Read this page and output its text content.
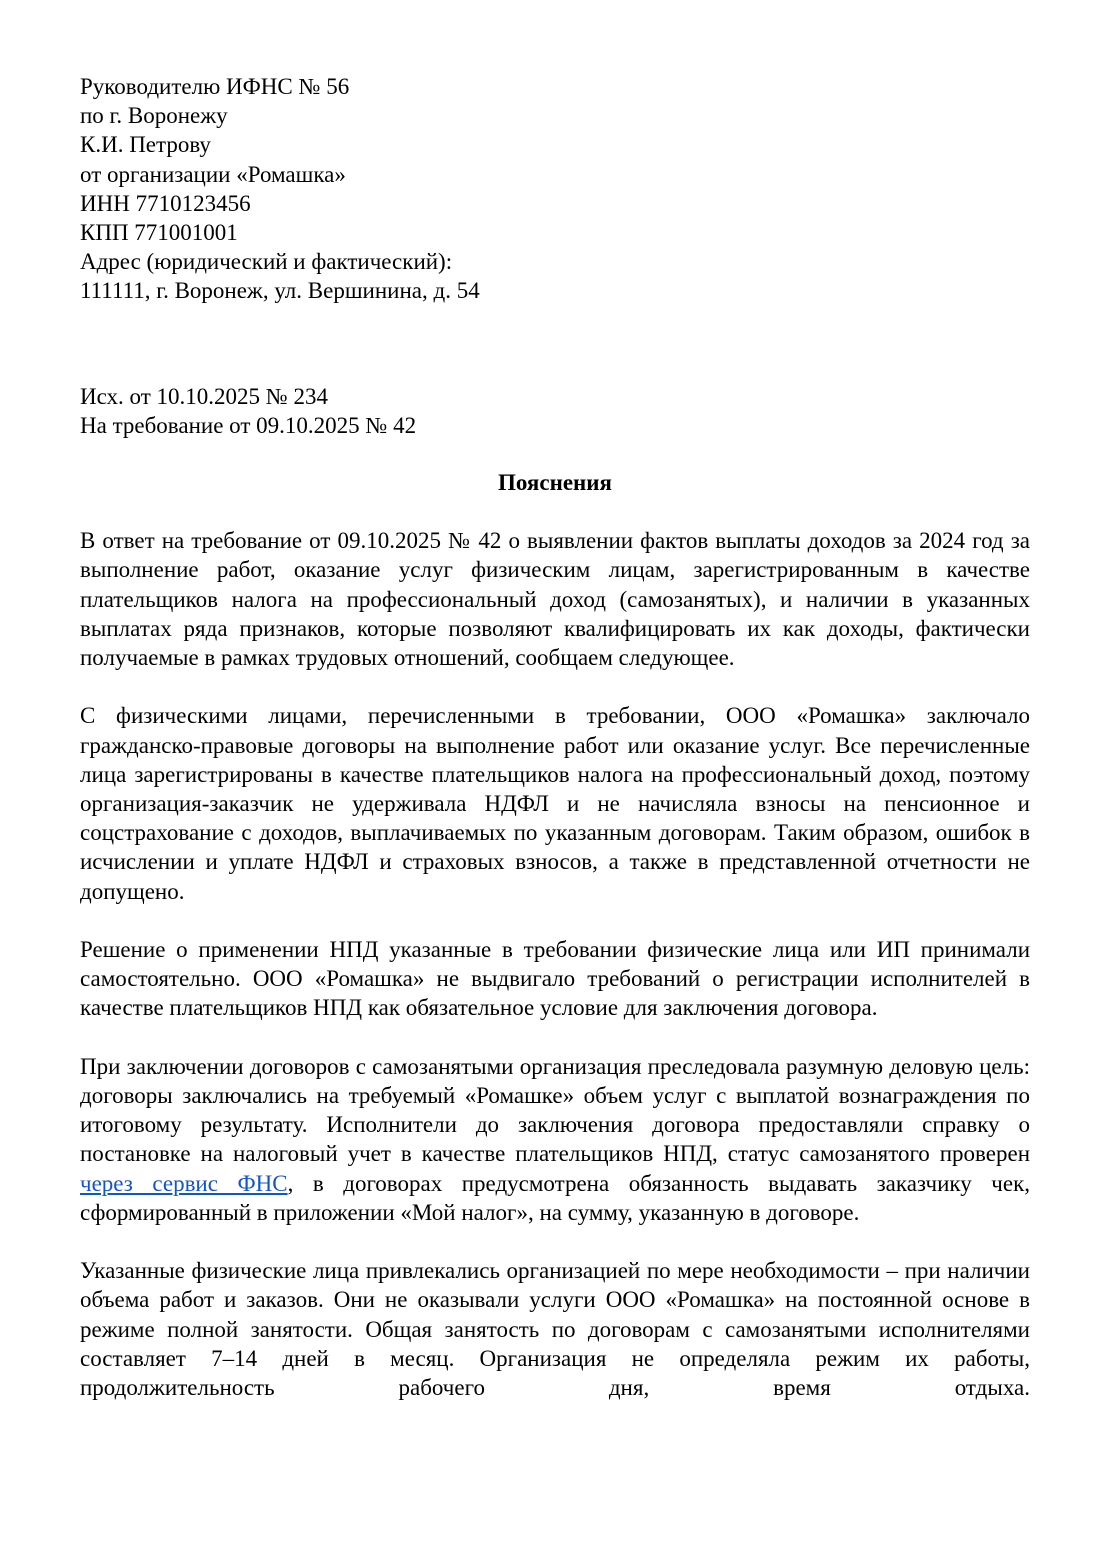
Руководителю ИФНС № 56
по г. Воронежу
К.И. Петрову
от организации «Ромашка»
ИНН 7710123456
КПП 771001001
Адрес (юридический и фактический):
111111, г. Воронеж, ул. Вершинина, д. 54
Исх. от 10.10.2025 № 234
На требование от 09.10.2025 № 42
Пояснения

В ответ на требование от 09.10.2025 № 42 о выявлении фактов выплаты доходов за 2024 год за выполнение работ, оказание услуг физическим лицам, зарегистрированным в качестве плательщиков налога на профессиональный доход (самозанятых), и наличии в указанных выплатах ряда признаков, которые позволяют квалифицировать их как доходы, фактически получаемые в рамках трудовых отношений, сообщаем следующее.

С физическими лицами, перечисленными в требовании, ООО «Ромашка» заключало гражданско-правовые договоры на выполнение работ или оказание услуг. Все перечисленные лица зарегистрированы в качестве плательщиков налога на профессиональный доход, поэтому организация-заказчик не удерживала НДФЛ и не начисляла взносы на пенсионное и соцстрахование с доходов, выплачиваемых по указанным договорам. Таким образом, ошибок в исчислении и уплате НДФЛ и страховых взносов, а также в представленной отчетности не допущено.

Решение о применении НПД указанные в требовании физические лица или ИП принимали самостоятельно. ООО «Ромашка» не выдвигало требований о регистрации исполнителей в качестве плательщиков НПД как обязательное условие для заключения договора.

При заключении договоров с самозанятыми организация преследовала разумную деловую цель: договоры заключались на требуемый «Ромашке» объем услуг с выплатой вознаграждения по итоговому результату. Исполнители до заключения договора предоставляли справку о постановке на налоговый учет в качестве плательщиков НПД, статус самозанятого проверен через сервис ФНС, в договорах предусмотрена обязанность выдавать заказчику чек, сформированный в приложении «Мой налог», на сумму, указанную в договоре.

Указанные физические лица привлекались организацией по мере необходимости – при наличии объема работ и заказов. Они не оказывали услуги ООО «Ромашка» на постоянной основе в режиме полной занятости. Общая занятость по договорам с самозанятыми исполнителями составляет 7–14 дней в месяц. Организация не определяла режим их работы, продолжительность рабочего дня, время отдыха.
